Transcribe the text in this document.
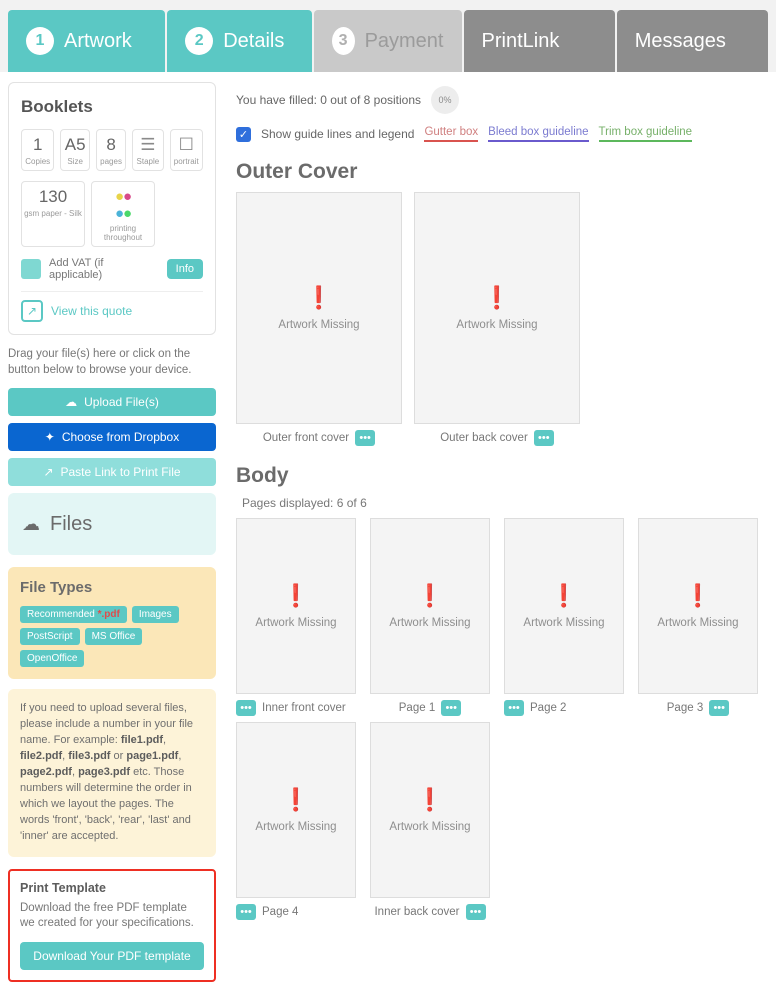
1 Artwork	2 Details	3 Payment PrintLink	Messages
Booklets
1
Copies
A5
Size
8
pages
☰
Staple
☐
portrait
130
gsm paper - Silk
●●
●●
printing throughout
Add VAT (if applicable)	Info
↗	View this quote
Drag your file(s) here or click on the button below to browse your device.
☁ Upload File(s)
✦ Choose from Dropbox
↗ Paste Link to Print File
☁ Files
File Types
Recommended *.pdf	Images
PostScript	MS Office
OpenOffice
If you need to upload several files, please include a number in your file name. For example: file1.pdf, file2.pdf, file3.pdf or page1.pdf, page2.pdf, page3.pdf etc. Those numbers will determine the order in which we layout the pages. The words 'front', 'back', 'rear', 'last' and 'inner' are accepted.
Print Template

Download the free PDF template we created for your specifications.

Download Your PDF template
You have filled: 0 out of 8 positions	0%
✓ Show guide lines and legend Gutter box Bleed box guideline Trim box guideline
Outer Cover
❗
Artwork Missing
Outer front cover •••
❗
Artwork Missing
Outer back cover •••
Body
Pages displayed: 6 of 6
❗
Artwork Missing
••• Inner front cover
❗
Artwork Missing
Page 1 •••
❗
Artwork Missing
••• Page 2
❗
Artwork Missing
Page 3 •••
❗
Artwork Missing
••• Page 4
❗
Artwork Missing
Inner back cover •••
